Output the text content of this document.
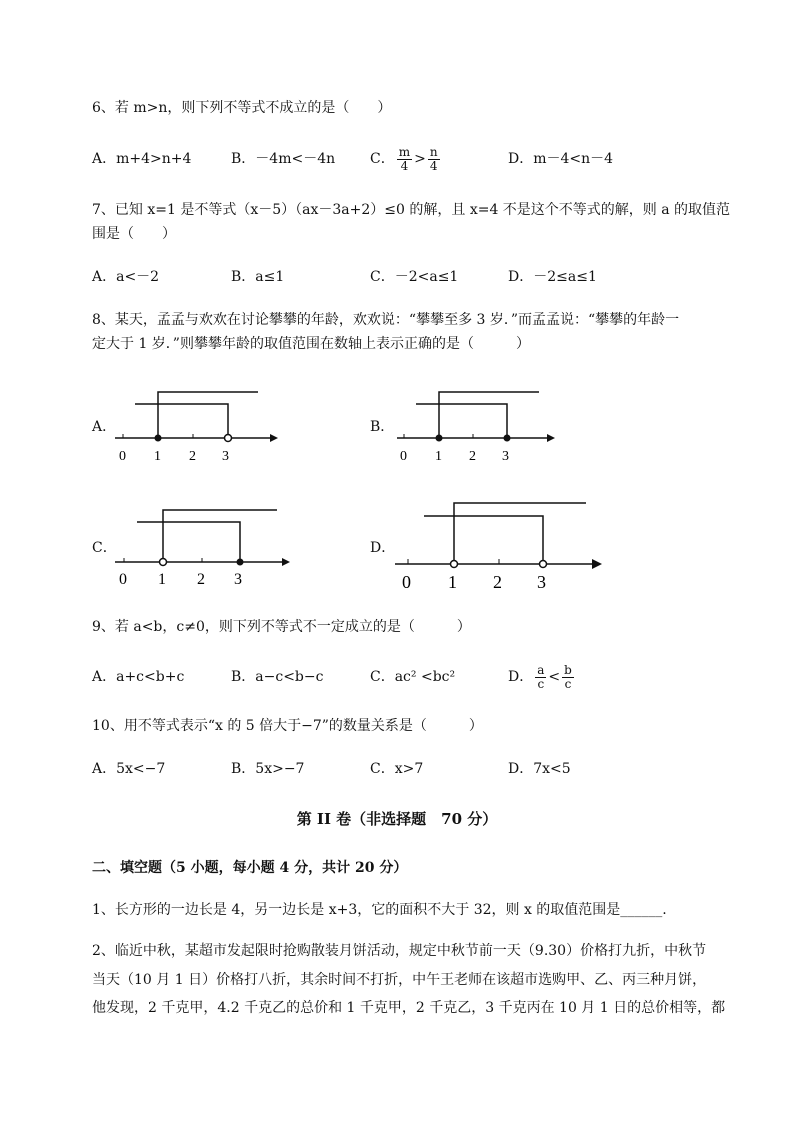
6、若 m>n，则下列不等式不成立的是（　　）
A．m+4>n+4	B．－4m<－4n C． $\frac{m}{4} > \frac{n}{4}$	D．m－4<n－4
7、已知 x=1 是不等式（x－5）（ax－3a+2）≤0 的解，且 x=4 不是这个不等式的解，则 a 的取值范
围是（　　）
A．a<－2	B．a≤1	C．－2<a≤1	D．－2≤a≤1
8、某天，孟孟与欢欢在讨论攀攀的年龄，欢欢说：“攀攀至多 3 岁．”而孟孟说：“攀攀的年龄一
定大于 1 岁．”则攀攀年龄的取值范围在数轴上表示正确的是（　　　）
A．
0 1 2 3
B．
0 1 2 3
C．
0 1 2 3
D．
0 1 2 3
9、若 a<b，c≠0，则下列不等式不一定成立的是（　　　）
A．a+c<b+c	B．a−c<b−c	C．ac² <bc²	D． $\frac{a}{c} < \frac{b}{c}$
10、用不等式表示“x 的 5 倍大于−7”的数量关系是（　　　）
A．5x<−7	B．5x>−7	C．x>7	D．7x<5
第 II 卷（非选择题　70 分）
二、填空题（5 小题，每小题 4 分，共计 20 分）
1、长方形的一边长是 4，另一边长是 x+3，它的面积不大于 32，则 x 的取值范围是______.
2、临近中秋，某超市发起限时抢购散装月饼活动，规定中秋节前一天（9.30）价格打九折，中秋节
当天（10 月 1 日）价格打八折，其余时间不打折，中午王老师在该超市选购甲、乙、丙三种月饼，
他发现，2 千克甲，4.2 千克乙的总价和 1 千克甲，2 千克乙，3 千克丙在 10 月 1 日的总价相等，都
